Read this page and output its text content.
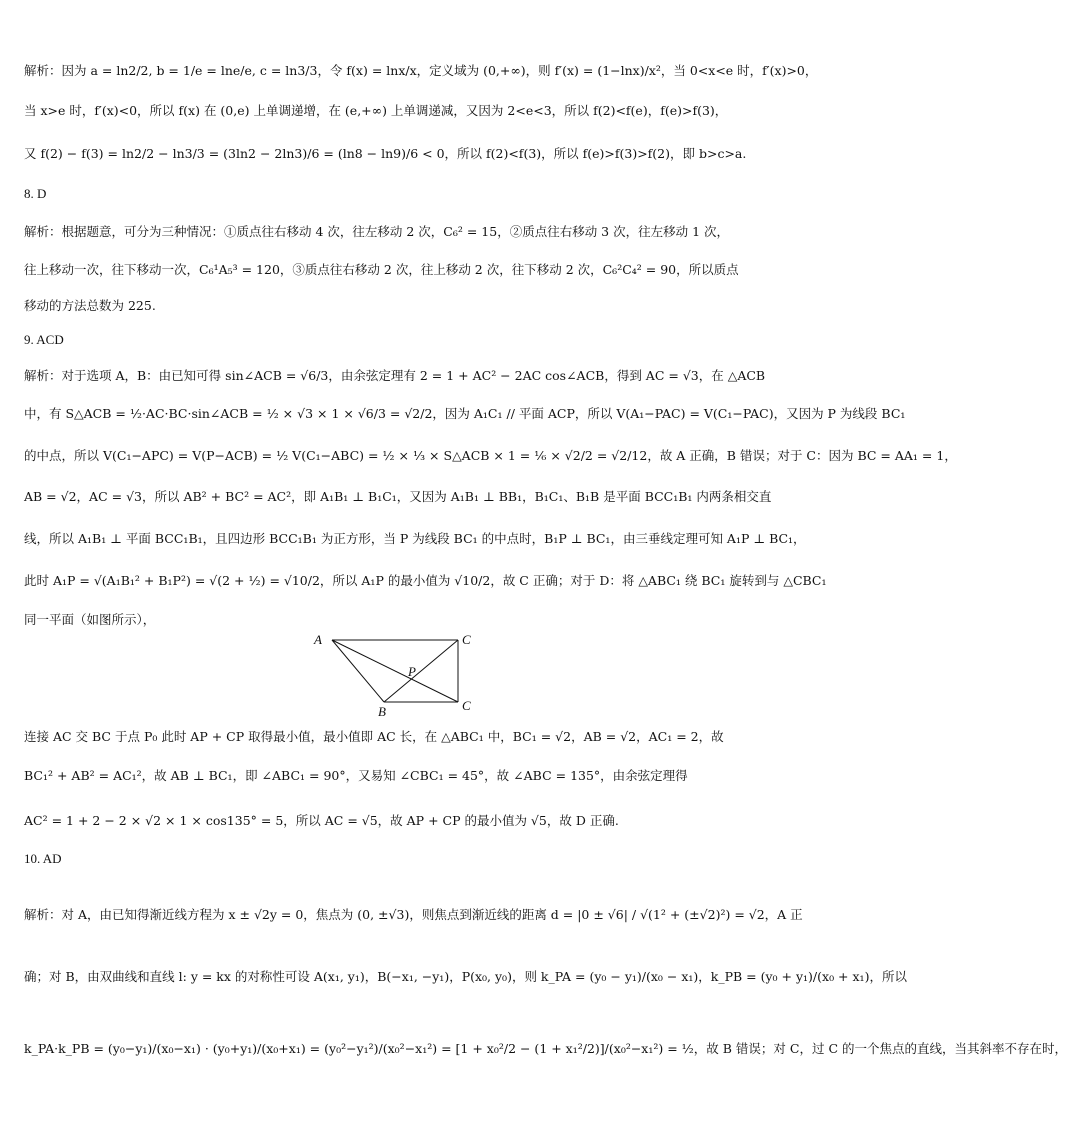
解析：因为 a = ln2/2, b = 1/e = lne/e, c = ln3/3，令 f(x) = lnx/x，定义域为 (0,+∞)，则 f′(x) = (1−lnx)/x²，当 0<x<e 时，f′(x)>0，
当 x>e 时，f′(x)<0，所以 f(x) 在 (0,e) 上单调递增，在 (e,+∞) 上单调递减，又因为 2<e<3，所以 f(2)<f(e)，f(e)>f(3)，
又 f(2) − f(3) = ln2/2 − ln3/3 = (3ln2 − 2ln3)/6 = (ln8 − ln9)/6 < 0，所以 f(2)<f(3)，所以 f(e)>f(3)>f(2)，即 b>c>a.
8. D
解析：根据题意，可分为三种情况：①质点往右移动 4 次，往左移动 2 次，C₆² = 15，②质点往右移动 3 次，往左移动 1 次，
往上移动一次，往下移动一次，C₆¹A₅³ = 120，③质点往右移动 2 次，往上移动 2 次，往下移动 2 次，C₆²C₄² = 90，所以质点
移动的方法总数为 225.
9. ACD
解析：对于选项 A，B：由已知可得 sin∠ACB = √6/3，由余弦定理有 2 = 1 + AC² − 2AC cos∠ACB，得到 AC = √3，在 △ACB
中，有 S△ACB = ½·AC·BC·sin∠ACB = ½ × √3 × 1 × √6/3 = √2/2，因为 A₁C₁ // 平面 ACP，所以 V(A₁−PAC) = V(C₁−PAC)，又因为 P 为线段 BC₁
的中点，所以 V(C₁−APC) = V(P−ACB) = ½ V(C₁−ABC) = ½ × ⅓ × S△ACB × 1 = ⅙ × √2/2 = √2/12，故 A 正确，B 错误；对于 C：因为 BC = AA₁ = 1，
AB = √2，AC = √3，所以 AB² + BC² = AC²，即 A₁B₁ ⊥ B₁C₁，又因为 A₁B₁ ⊥ BB₁，B₁C₁、B₁B 是平面 BCC₁B₁ 内两条相交直
线，所以 A₁B₁ ⊥ 平面 BCC₁B₁，且四边形 BCC₁B₁ 为正方形，当 P 为线段 BC₁ 的中点时，B₁P ⊥ BC₁，由三垂线定理可知 A₁P ⊥ BC₁，
此时 A₁P = √(A₁B₁² + B₁P²) = √(2 + ½) = √10/2，所以 A₁P 的最小值为 √10/2，故 C 正确；对于 D：将 △ABC₁ 绕 BC₁ 旋转到与 △CBC₁
同一平面（如图所示），
A	C
P
B	C
连接 AC 交 BC 于点 P₀ 此时 AP + CP 取得最小值，最小值即 AC 长，在 △ABC₁ 中，BC₁ = √2，AB = √2，AC₁ = 2，故
BC₁² + AB² = AC₁²，故 AB ⊥ BC₁，即 ∠ABC₁ = 90°，又易知 ∠CBC₁ = 45°，故 ∠ABC = 135°，由余弦定理得
AC² = 1 + 2 − 2 × √2 × 1 × cos135° = 5，所以 AC = √5，故 AP + CP 的最小值为 √5，故 D 正确.
10. AD
解析：对 A，由已知得渐近线方程为 x ± √2y = 0，焦点为 (0, ±√3)，则焦点到渐近线的距离 d = |0 ± √6| / √(1² + (±√2)²) = √2，A 正
确；对 B，由双曲线和直线 l: y = kx 的对称性可设 A(x₁, y₁)，B(−x₁, −y₁)，P(x₀, y₀)，则 k_PA = (y₀ − y₁)/(x₀ − x₁)，k_PB = (y₀ + y₁)/(x₀ + x₁)，所以
k_PA·k_PB = (y₀−y₁)/(x₀−x₁) · (y₀+y₁)/(x₀+x₁) = (y₀²−y₁²)/(x₀²−x₁²) = [1 + x₀²/2 − (1 + x₁²/2)]/(x₀²−x₁²) = ½，故 B 错误；对 C，过 C 的一个焦点的直线，当其斜率不存在时，
